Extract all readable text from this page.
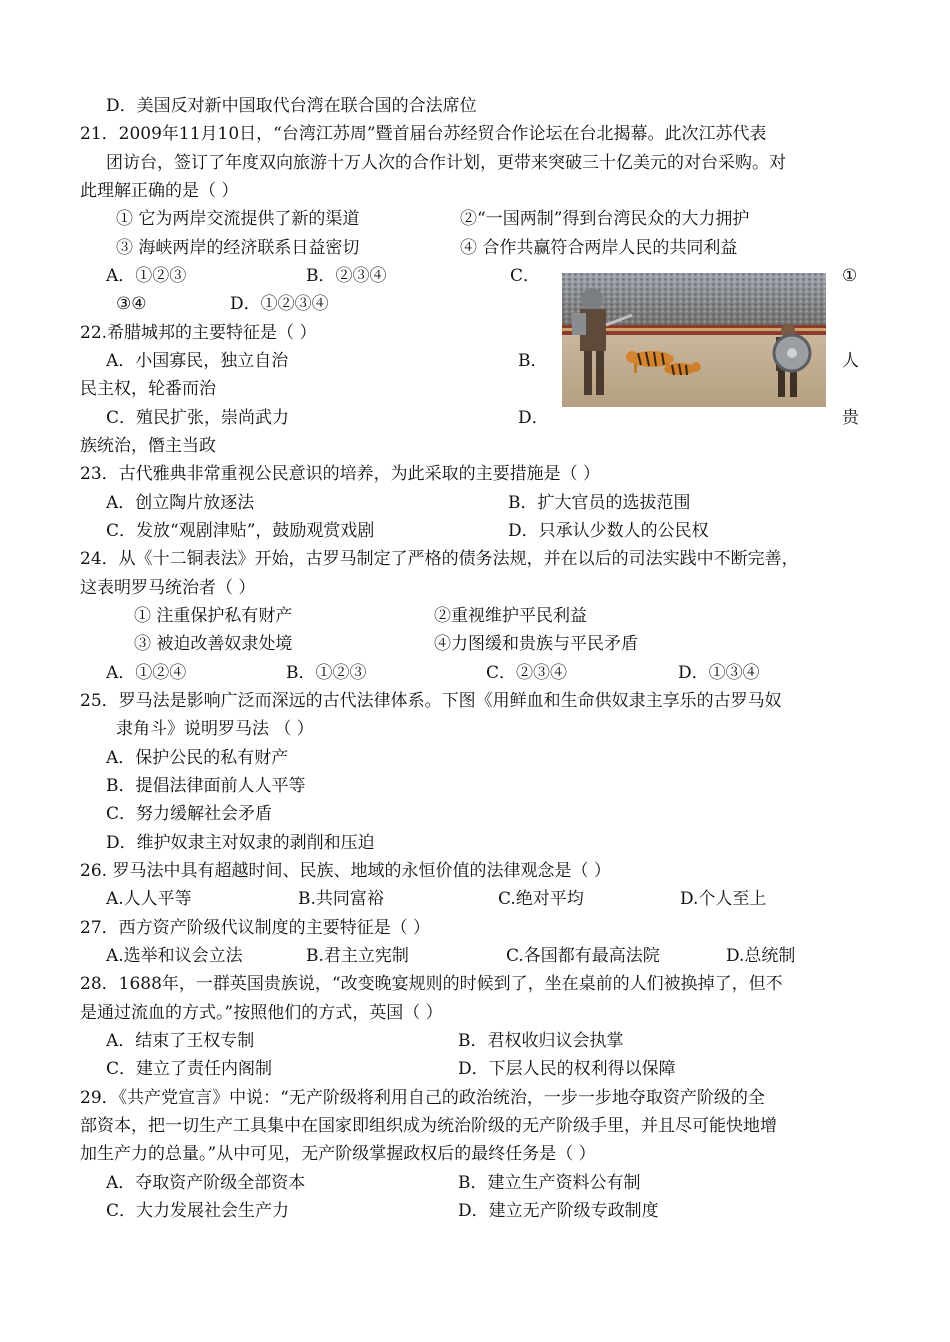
D．美国反对新中国取代台湾在联合国的合法席位
21．2009年11月10日，“台湾江苏周”暨首届台苏经贸合作论坛在台北揭幕。此次江苏代表
团访台，签订了年度双向旅游十万人次的合作计划，更带来突破三十亿美元的对台采购。对
此理解正确的是（ ）
① 它为两岸交流提供了新的渠道	②“一国两制”得到台湾民众的大力拥护
③ 海峡两岸的经济联系日益密切	④ 合作共赢符合两岸人民的共同利益
A．①②③	B．②③④	C．	①
③④	D．①②③④
22.希腊城邦的主要特征是（ ）
A．小国寡民，独立自治	B．	人
民主权，轮番而治
C．殖民扩张，崇尚武力	D．	贵
族统治，僭主当政
23．古代雅典非常重视公民意识的培养，为此采取的主要措施是（ ）
A．创立陶片放逐法	B．扩大官员的选拔范围
C．发放“观剧津贴”，鼓励观赏戏剧	D．只承认少数人的公民权
24．从《十二铜表法》开始，古罗马制定了严格的债务法规，并在以后的司法实践中不断完善，
这表明罗马统治者（ ）
① 注重保护私有财产	②重视维护平民利益
③ 被迫改善奴隶处境	④力图缓和贵族与平民矛盾
A．①②④	B．①②③	C．②③④	D．①③④
25．罗马法是影响广泛而深远的古代法律体系。下图《用鲜血和生命供奴隶主享乐的古罗马奴
隶角斗》说明罗马法 （ ）
A．保护公民的私有财产
B．提倡法律面前人人平等
C．努力缓解社会矛盾
D．维护奴隶主对奴隶的剥削和压迫
26. 罗马法中具有超越时间、民族、地域的永恒价值的法律观念是（ ）
A.人人平等	B.共同富裕	C.绝对平均	D.个人至上
27．西方资产阶级代议制度的主要特征是（ ）
A.选举和议会立法	B.君主立宪制	C.各国都有最高法院	D.总统制
28．1688年，一群英国贵族说，“改变晚宴规则的时候到了，坐在桌前的人们被换掉了，但不
是通过流血的方式。”按照他们的方式，英国（ ）
A．结束了王权专制	B．君权收归议会执掌
C．建立了责任内阁制	D．下层人民的权利得以保障
29．《共产党宣言》中说：“无产阶级将利用自己的政治统治，一步一步地夺取资产阶级的全
部资本，把一切生产工具集中在国家即组织成为统治阶级的无产阶级手里，并且尽可能快地增
加生产力的总量。”从中可见，无产阶级掌握政权后的最终任务是（ ）
A．夺取资产阶级全部资本	B．建立生产资料公有制
C．大力发展社会生产力	D．建立无产阶级专政制度
